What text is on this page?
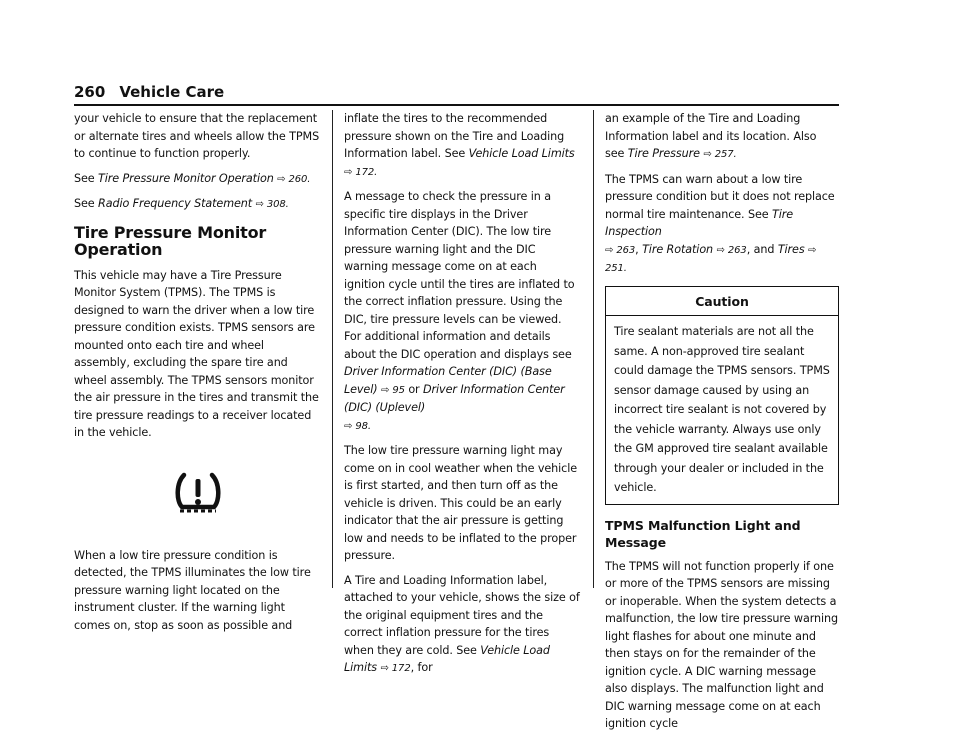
260 Vehicle Care

your vehicle to ensure that the replacement or alternate tires and wheels allow the TPMS to continue to function properly.

See Tire Pressure Monitor Operation ⇨ 260.

See Radio Frequency Statement ⇨ 308.

Tire Pressure Monitor Operation

This vehicle may have a Tire Pressure Monitor System (TPMS). The TPMS is designed to warn the driver when a low tire pressure condition exists. TPMS sensors are mounted onto each tire and wheel assembly, excluding the spare tire and wheel assembly. The TPMS sensors monitor the air pressure in the tires and transmit the tire pressure readings to a receiver located in the vehicle.

When a low tire pressure condition is detected, the TPMS illuminates the low tire pressure warning light located on the instrument cluster. If the warning light comes on, stop as soon as possible and

inflate the tires to the recommended pressure shown on the Tire and Loading Information label. See Vehicle Load Limits
⇨ 172.

A message to check the pressure in a specific tire displays in the Driver Information Center (DIC). The low tire pressure warning light and the DIC warning message come on at each ignition cycle until the tires are inflated to the correct inflation pressure. Using the DIC, tire pressure levels can be viewed. For additional information and details about the DIC operation and displays see Driver Information Center (DIC) (Base Level) ⇨ 95 or Driver Information Center (DIC) (Uplevel)
⇨ 98.

The low tire pressure warning light may come on in cool weather when the vehicle is first started, and then turn off as the vehicle is driven. This could be an early indicator that the air pressure is getting low and needs to be inflated to the proper pressure.

A Tire and Loading Information label, attached to your vehicle, shows the size of the original equipment tires and the correct inflation pressure for the tires when they are cold. See Vehicle Load Limits ⇨ 172, for

an example of the Tire and Loading Information label and its location. Also see Tire Pressure ⇨ 257.

The TPMS can warn about a low tire pressure condition but it does not replace normal tire maintenance. See Tire Inspection
⇨ 263, Tire Rotation ⇨ 263, and Tires ⇨ 251.

Caution
Tire sealant materials are not all the same. A non-approved tire sealant could damage the TPMS sensors. TPMS sensor damage caused by using an incorrect tire sealant is not covered by the vehicle warranty. Always use only the GM approved tire sealant available through your dealer or included in the vehicle.
TPMS Malfunction Light and Message

The TPMS will not function properly if one or more of the TPMS sensors are missing or inoperable. When the system detects a malfunction, the low tire pressure warning light flashes for about one minute and then stays on for the remainder of the ignition cycle. A DIC warning message also displays. The malfunction light and DIC warning message come on at each ignition cycle
